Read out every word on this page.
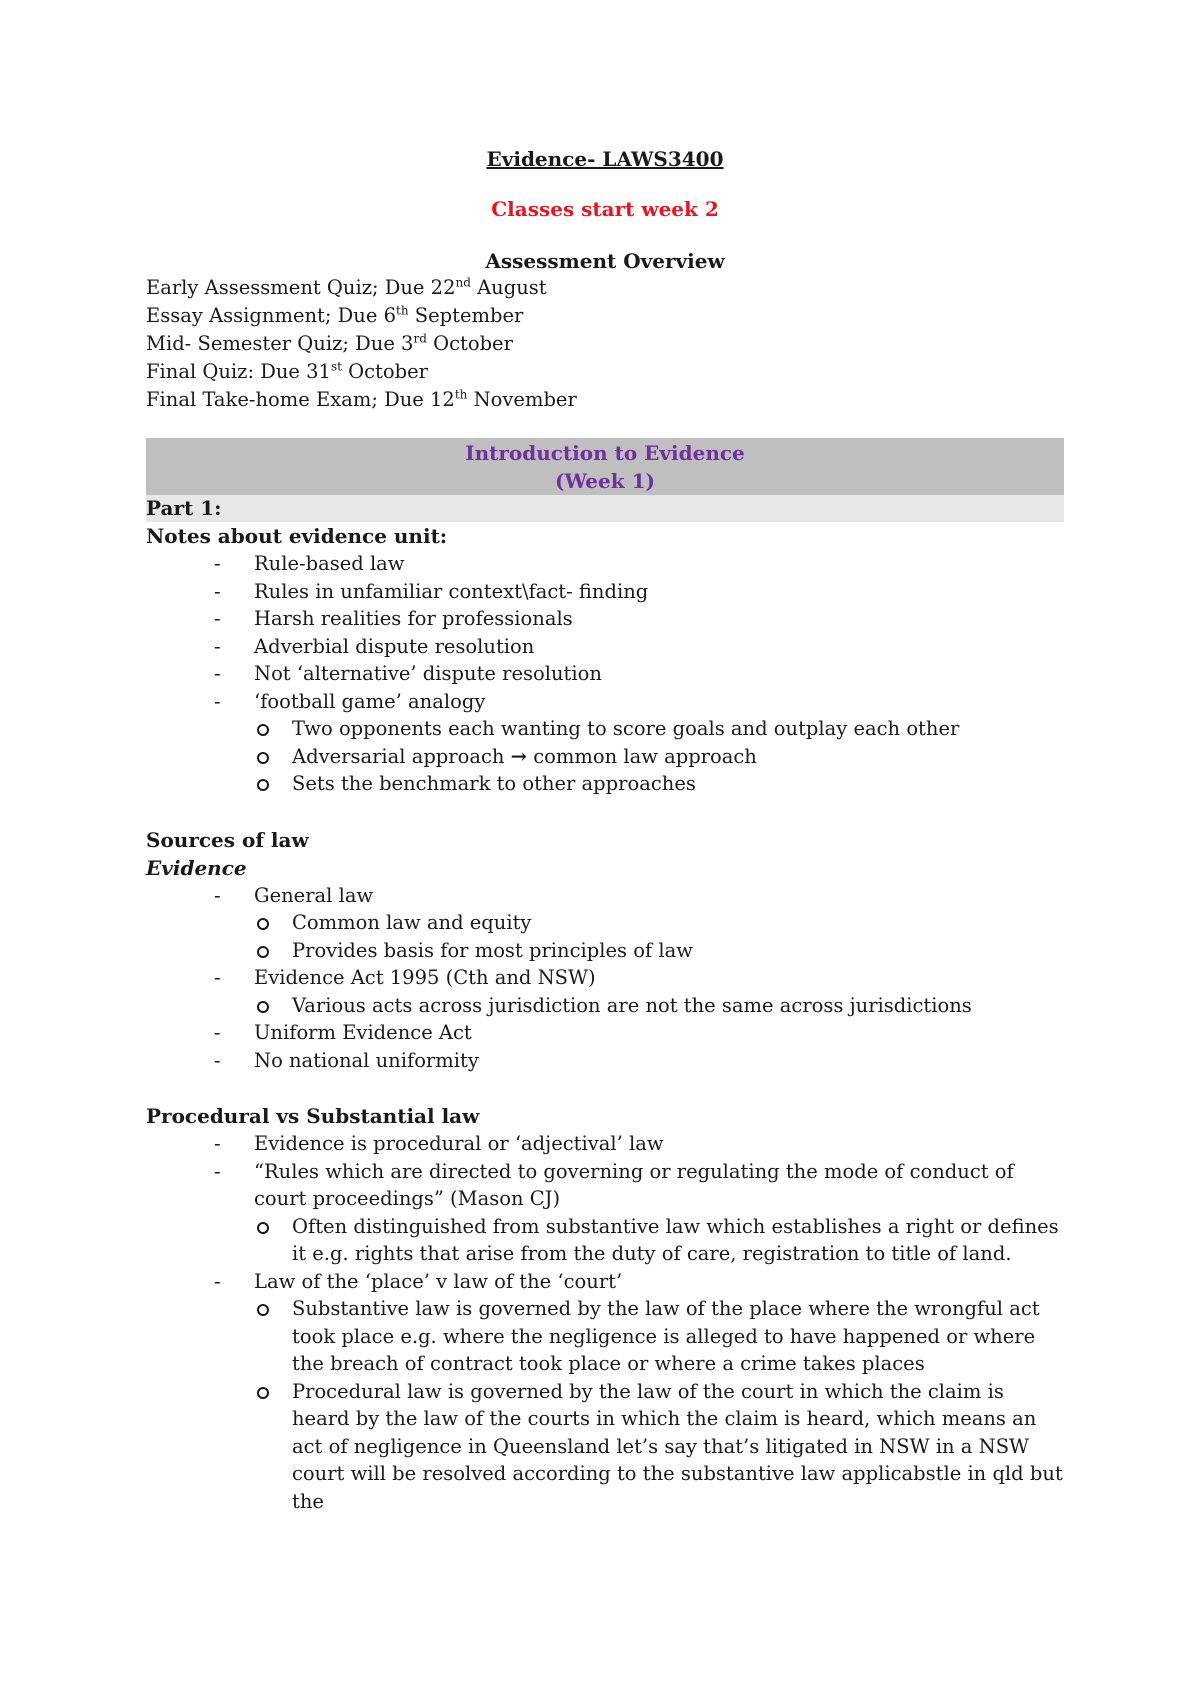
Evidence- LAWS3400

Classes start week 2

Assessment Overview

Early Assessment Quiz; Due 22nd August

Essay Assignment; Due 6th September

Mid- Semester Quiz; Due 3rd October

Final Quiz: Due 31st October

Final Take-home Exam; Due 12th November

Introduction to Evidence
(Week 1)
Part 1:

Notes about evidence unit:

- Rule-based law
- Rules in unfamiliar context\fact- finding
- Harsh realities for professionals
- Adverbial dispute resolution
- Not ‘alternative’ dispute resolution
- ‘football game’ analogy
Two opponents each wanting to score goals and outplay each other
Adversarial approach → common law approach
Sets the benchmark to other approaches

Sources of law

Evidence

- General law
Common law and equity
Provides basis for most principles of law
- Evidence Act 1995 (Cth and NSW)
Various acts across jurisdiction are not the same across jurisdictions
- Uniform Evidence Act
- No national uniformity

Procedural vs Substantial law

- Evidence is procedural or ‘adjectival’ law
- “Rules which are directed to governing or regulating the mode of conduct of court proceedings” (Mason CJ)
Often distinguished from substantive law which establishes a right or defines it e.g. rights that arise from the duty of care, registration to title of land.
- Law of the ‘place’ v law of the ‘court’
Substantive law is governed by the law of the place where the wrongful act took place e.g. where the negligence is alleged to have happened or where the breach of contract took place or where a crime takes places
Procedural law is governed by the law of the court in which the claim is heard by the law of the courts in which the claim is heard, which means an act of negligence in Queensland let’s say that’s litigated in NSW in a NSW court will be resolved according to the substantive law applicabstle in qld but the
